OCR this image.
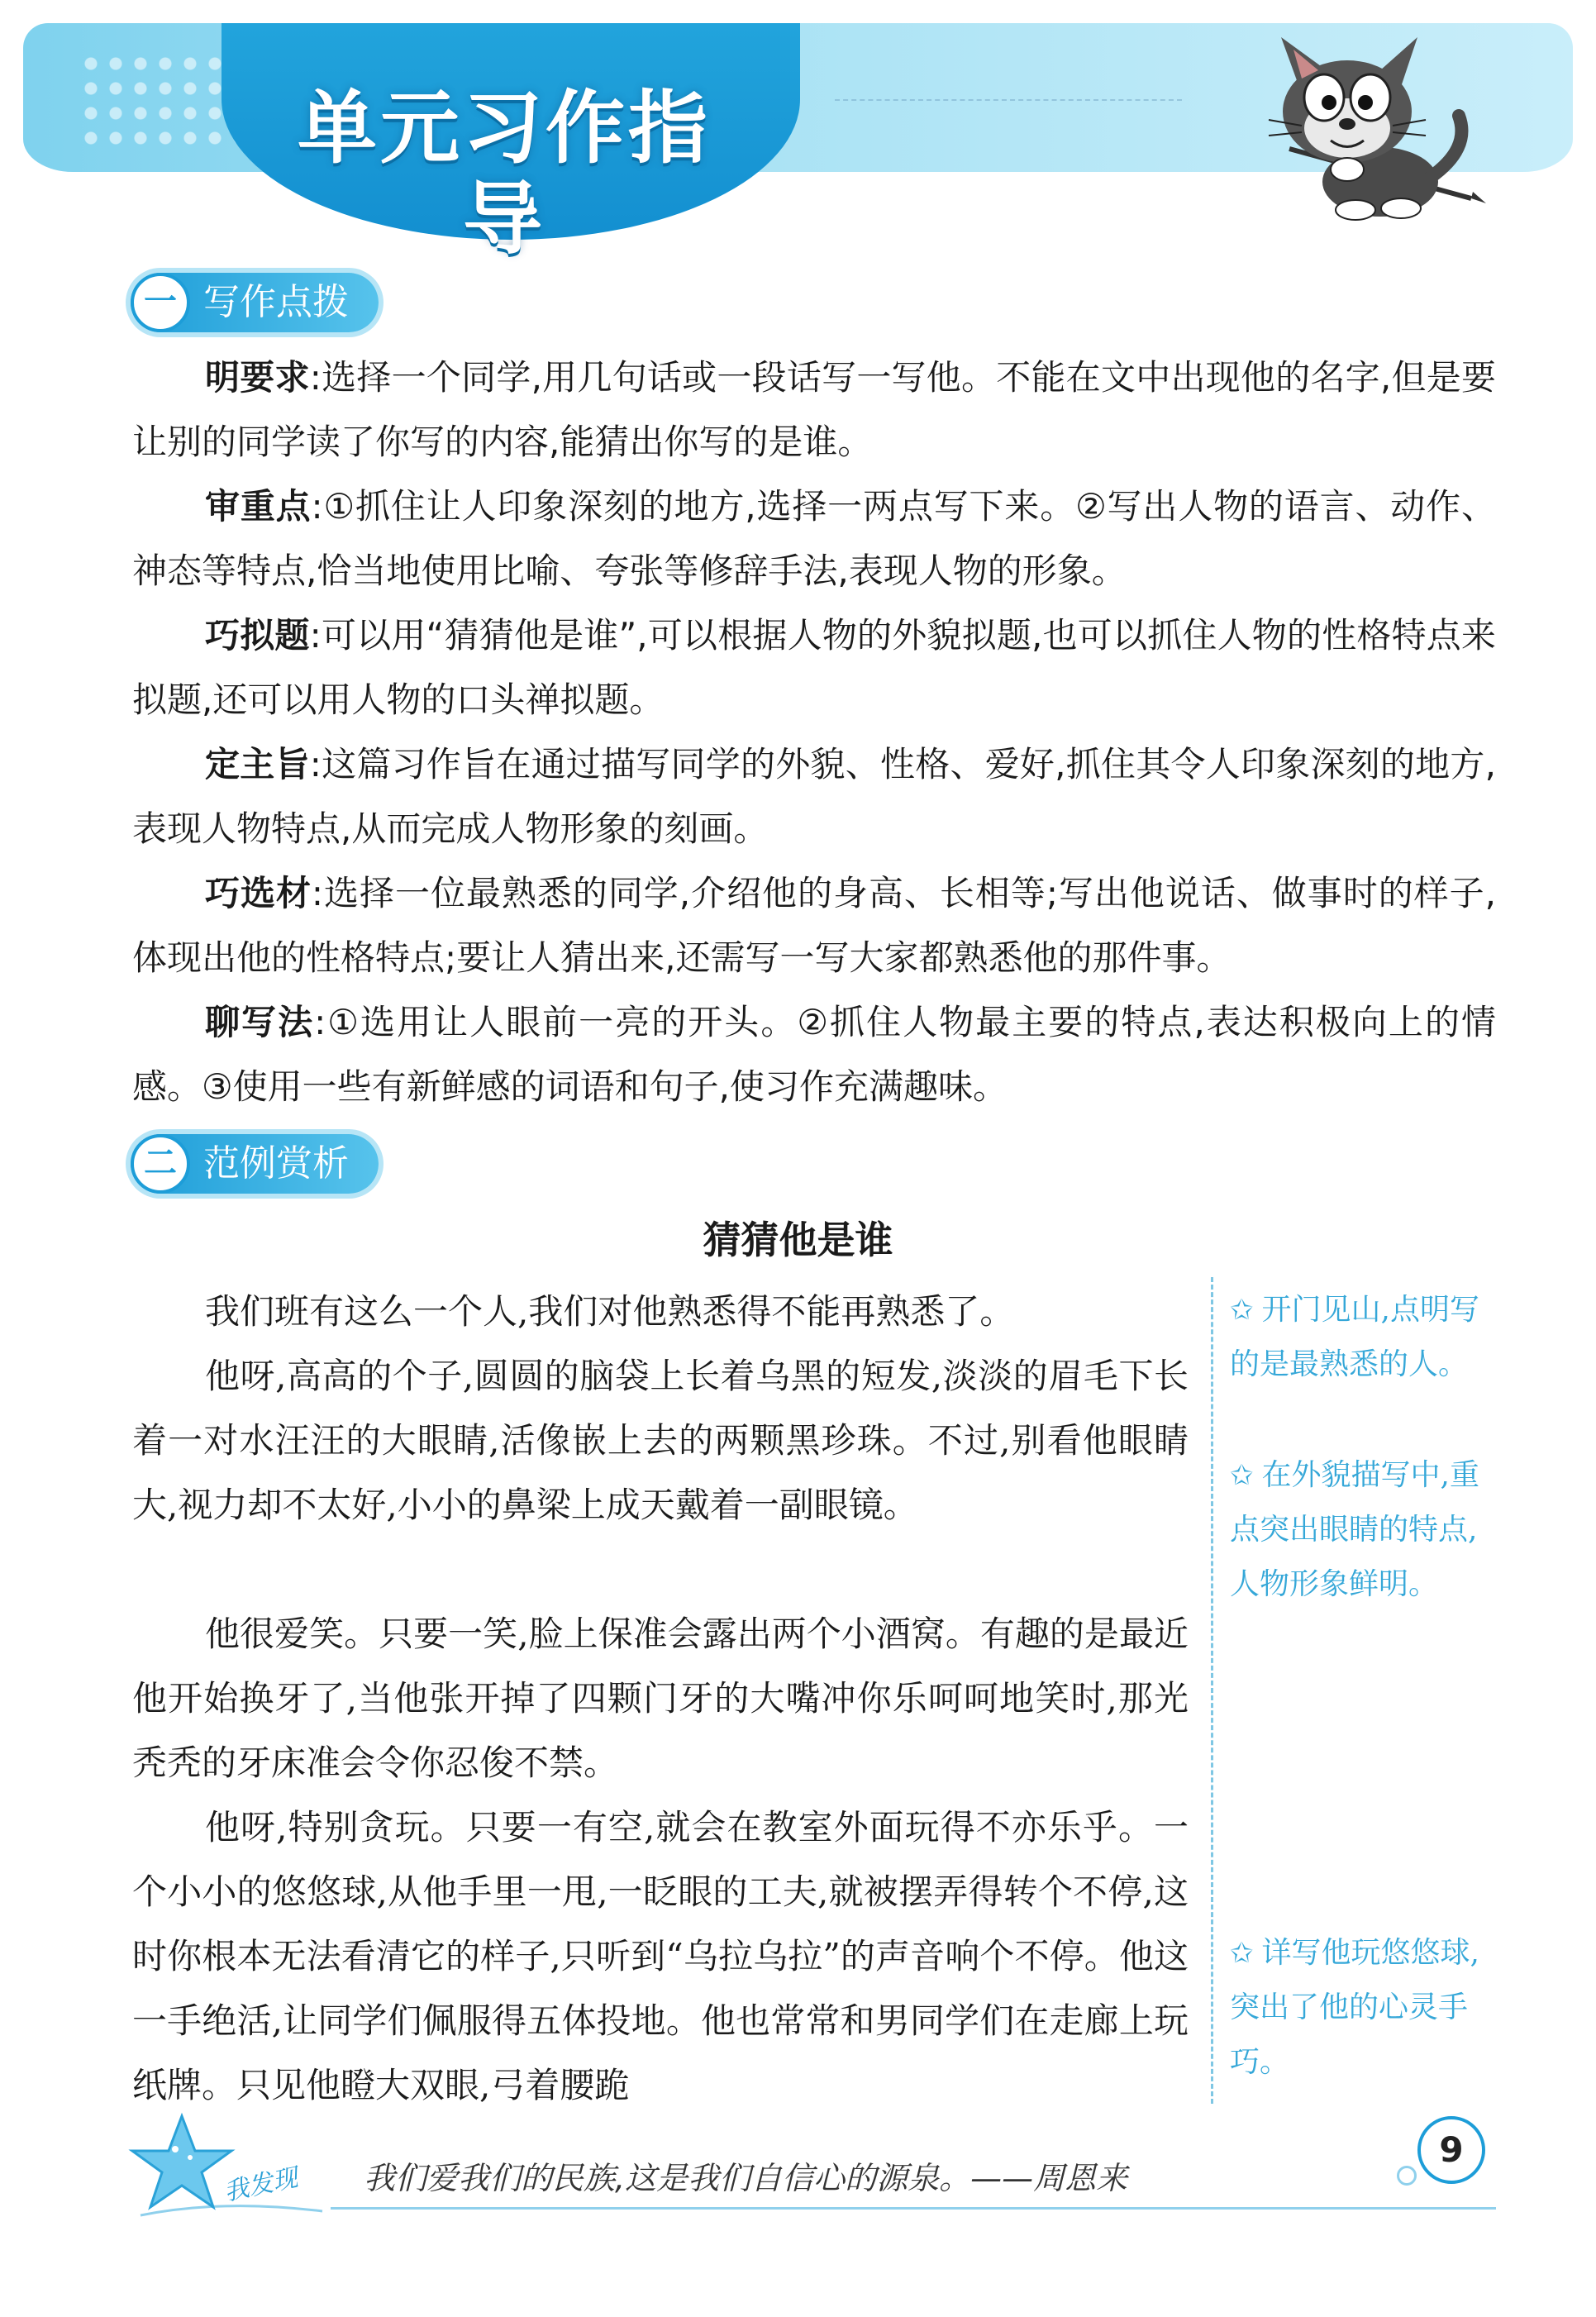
单元习作指导
一 写作点拨

明要求:选择一个同学,用几句话或一段话写一写他。不能在文中出现他的名字,但是要让别的同学读了你写的内容,能猜出你写的是谁。

审重点:①抓住让人印象深刻的地方,选择一两点写下来。②写出人物的语言、动作、神态等特点,恰当地使用比喻、夸张等修辞手法,表现人物的形象。

巧拟题:可以用“猜猜他是谁”,可以根据人物的外貌拟题,也可以抓住人物的性格特点来拟题,还可以用人物的口头禅拟题。

定主旨:这篇习作旨在通过描写同学的外貌、性格、爱好,抓住其令人印象深刻的地方,表现人物特点,从而完成人物形象的刻画。

巧选材:选择一位最熟悉的同学,介绍他的身高、长相等;写出他说话、做事时的样子,体现出他的性格特点;要让人猜出来,还需写一写大家都熟悉他的那件事。

聊写法:①选用让人眼前一亮的开头。②抓住人物最主要的特点,表达积极向上的情感。③使用一些有新鲜感的词语和句子,使习作充满趣味。

二 范例赏析
猜猜他是谁

我们班有这么一个人,我们对他熟悉得不能再熟悉了。

他呀,高高的个子,圆圆的脑袋上长着乌黑的短发,淡淡的眉毛下长着一对水汪汪的大眼睛,活像嵌上去的两颗黑珍珠。不过,别看他眼睛大,视力却不太好,小小的鼻梁上成天戴着一副眼镜。

他很爱笑。只要一笑,脸上保准会露出两个小酒窝。有趣的是最近他开始换牙了,当他张开掉了四颗门牙的大嘴冲你乐呵呵地笑时,那光秃秃的牙床准会令你忍俊不禁。

他呀,特别贪玩。只要一有空,就会在教室外面玩得不亦乐乎。一个小小的悠悠球,从他手里一甩,一眨眼的工夫,就被摆弄得转个不停,这时你根本无法看清它的样子,只听到“乌拉乌拉”的声音响个不停。他这一手绝活,让同学们佩服得五体投地。他也常常和男同学们在走廊上玩纸牌。只见他瞪大双眼,弓着腰跪

✩ 开门见山,点明写的是最熟悉的人。

✩ 在外貌描写中,重点突出眼睛的特点,人物形象鲜明。

✩ 详写他玩悠悠球,突出了他的心灵手巧。

我发现 我们爱我们的民族,这是我们自信心的源泉。——周恩来
9
